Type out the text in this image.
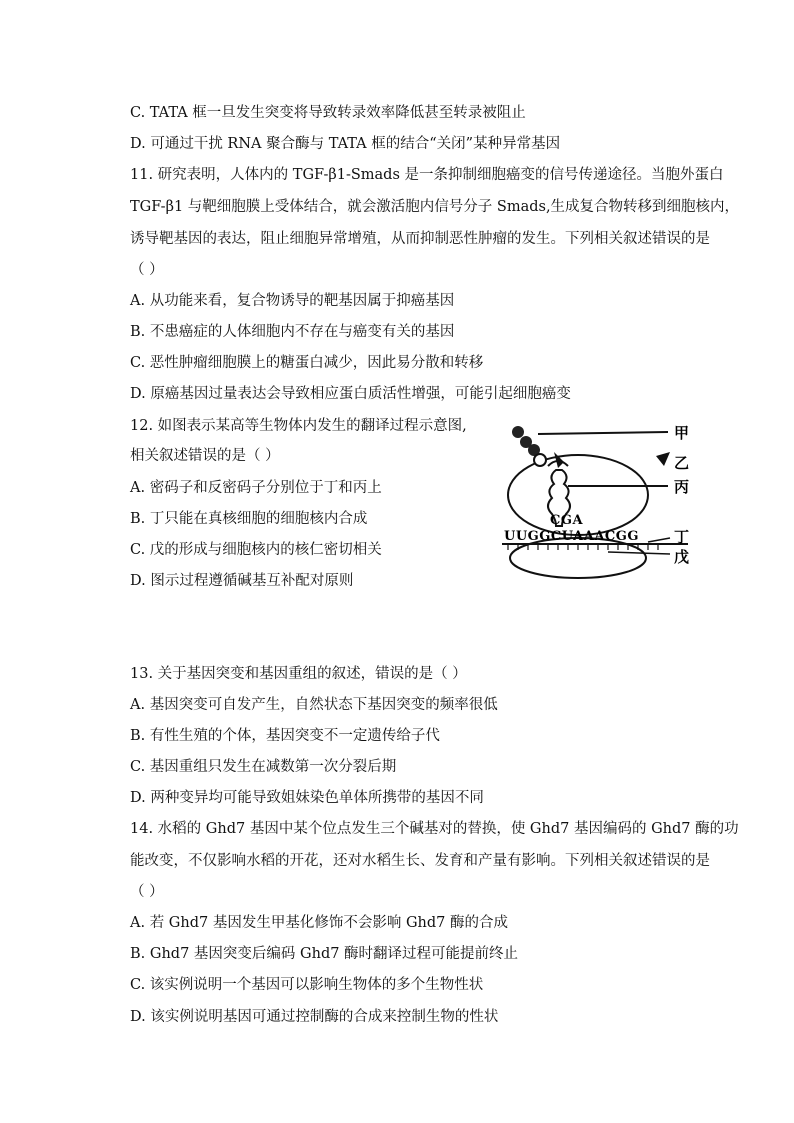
C. TATA 框一旦发生突变将导致转录效率降低甚至转录被阻止
D. 可通过干扰 RNA 聚合酶与 TATA 框的结合“关闭”某种异常基因
11. 研究表明，人体内的 TGF-β1-Smads 是一条抑制细胞癌变的信号传递途径。当胞外蛋白
TGF-β1 与靶细胞膜上受体结合，就会激活胞内信号分子 Smads,生成复合物转移到细胞核内，
诱导靶基因的表达，阻止细胞异常增殖，从而抑制恶性肿瘤的发生。下列相关叙述错误的是
（ ）
A. 从功能来看，复合物诱导的靶基因属于抑癌基因
B. 不患癌症的人体细胞内不存在与癌变有关的基因
C. 恶性肿瘤细胞膜上的糖蛋白减少，因此易分散和转移
D. 原癌基因过量表达会导致相应蛋白质活性增强，可能引起细胞癌变
12. 如图表示某高等生物体内发生的翻译过程示意图,
相关叙述错误的是（ ）
A. 密码子和反密码子分别位于丁和丙上
B. 丁只能在真核细胞的细胞核内合成
C. 戊的形成与细胞核内的核仁密切相关
D. 图示过程遵循碱基互补配对原则
甲
乙
丙
丁
戊
CGA
UUGGCUAAACGG
13. 关于基因突变和基因重组的叙述，错误的是（ ）
A. 基因突变可自发产生，自然状态下基因突变的频率很低
B. 有性生殖的个体，基因突变不一定遗传给子代
C. 基因重组只发生在减数第一次分裂后期
D. 两种变异均可能导致姐妹染色单体所携带的基因不同
14. 水稻的 Ghd7 基因中某个位点发生三个碱基对的替换，使 Ghd7 基因编码的 Ghd7 酶的功
能改变，不仅影响水稻的开花，还对水稻生长、发育和产量有影响。下列相关叙述错误的是
（ ）
A. 若 Ghd7 基因发生甲基化修饰不会影响 Ghd7 酶的合成
B. Ghd7 基因突变后编码 Ghd7 酶时翻译过程可能提前终止
C. 该实例说明一个基因可以影响生物体的多个生物性状
D. 该实例说明基因可通过控制酶的合成来控制生物的性状
